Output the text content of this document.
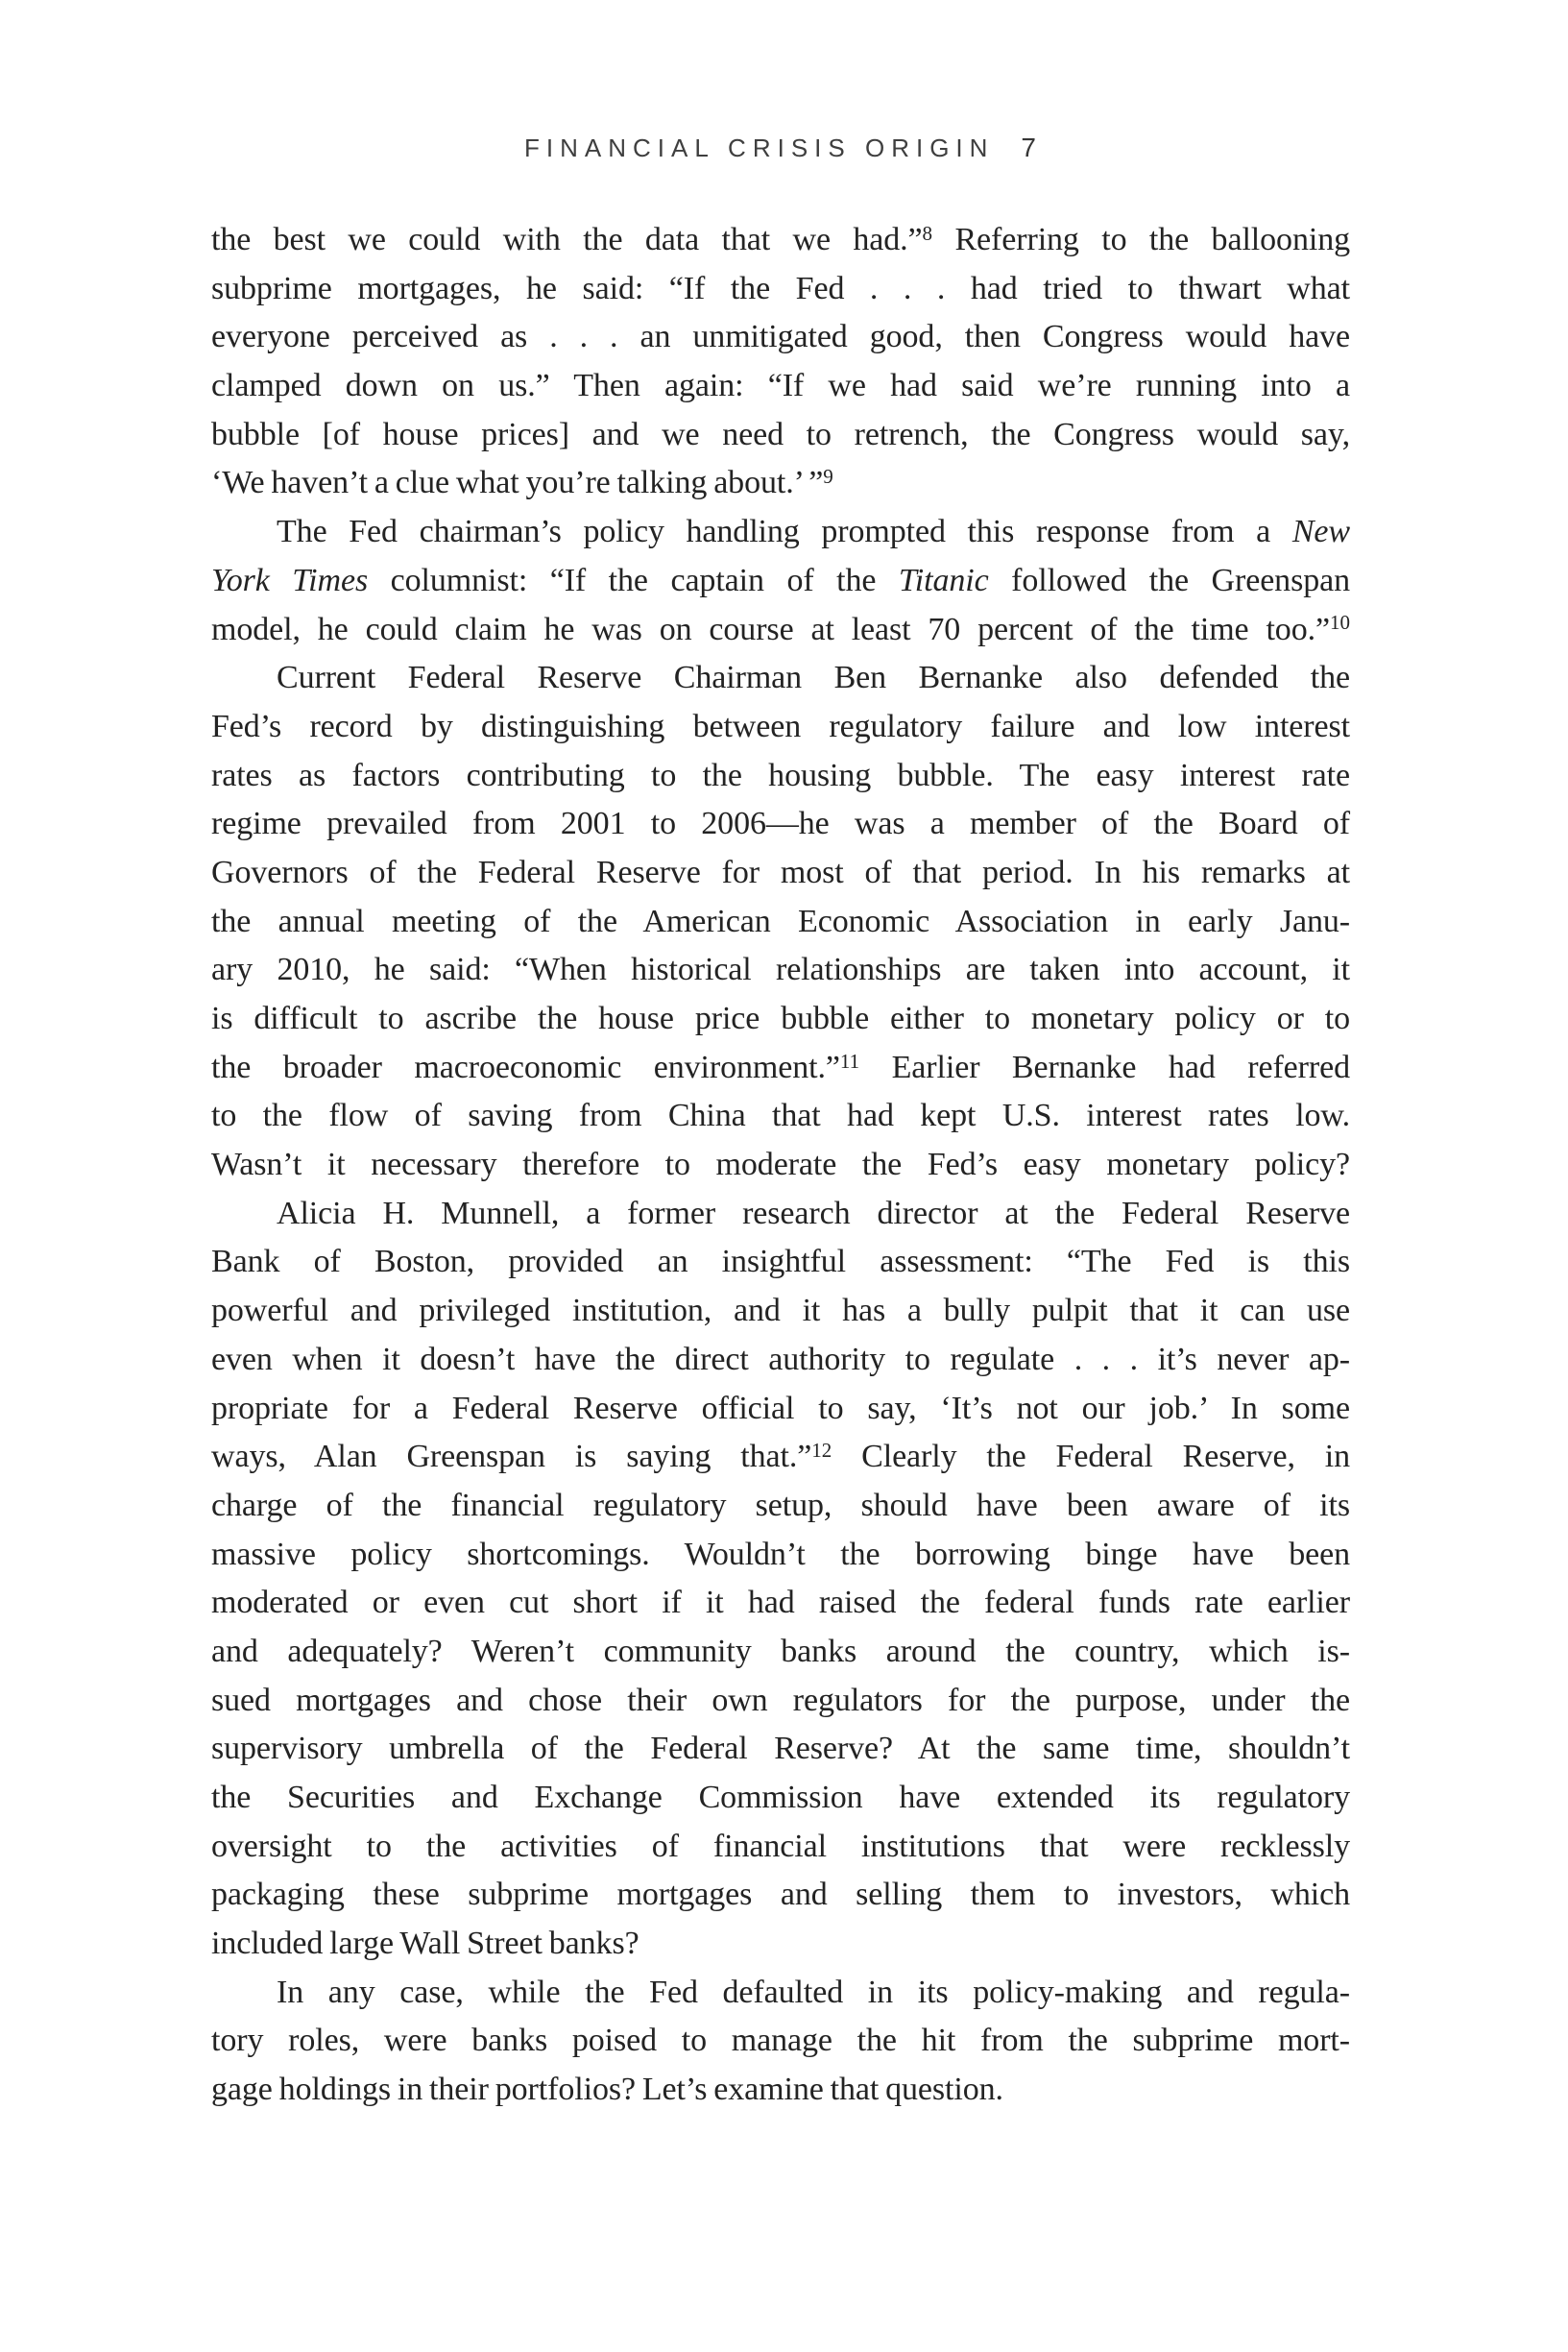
FINANCIAL CRISIS ORIGIN 7
the best we could with the data that we had.”$^8$ Referring to the ballooning
subprime mortgages, he said: “If the Fed . . . had tried to thwart what
everyone perceived as . . . an unmitigated good, then Congress would have
clamped down on us.” Then again: “If we had said we’re running into a
bubble [of house prices] and we need to retrench, the Congress would say,
‘We haven’t a clue what you’re talking about.’ ”$^9$
The Fed chairman’s policy handling prompted this response from a New
York Times columnist: “If the captain of the Titanic followed the Greenspan
model, he could claim he was on course at least 70 percent of the time too.”$^{10}$
Current Federal Reserve Chairman Ben Bernanke also defended the
Fed’s record by distinguishing between regulatory failure and low interest
rates as factors contributing to the housing bubble. The easy interest rate
regime prevailed from 2001 to 2006—he was a member of the Board of
Governors of the Federal Reserve for most of that period. In his remarks at
the annual meeting of the American Economic Association in early Janu-
ary 2010, he said: “When historical relationships are taken into account, it
is difficult to ascribe the house price bubble either to monetary policy or to
the broader macroeconomic environment.”$^{11}$ Earlier Bernanke had referred
to the flow of saving from China that had kept U.S. interest rates low.
Wasn’t it necessary therefore to moderate the Fed’s easy monetary policy?
Alicia H. Munnell, a former research director at the Federal Reserve
Bank of Boston, provided an insightful assessment: “The Fed is this
powerful and privileged institution, and it has a bully pulpit that it can use
even when it doesn’t have the direct authority to regulate . . . it’s never ap-
propriate for a Federal Reserve official to say, ‘It’s not our job.’ In some
ways, Alan Greenspan is saying that.”$^{12}$ Clearly the Federal Reserve, in
charge of the financial regulatory setup, should have been aware of its
massive policy shortcomings. Wouldn’t the borrowing binge have been
moderated or even cut short if it had raised the federal funds rate earlier
and adequately? Weren’t community banks around the country, which is-
sued mortgages and chose their own regulators for the purpose, under the
supervisory umbrella of the Federal Reserve? At the same time, shouldn’t
the Securities and Exchange Commission have extended its regulatory
oversight to the activities of financial institutions that were recklessly
packaging these subprime mortgages and selling them to investors, which
included large Wall Street banks?
In any case, while the Fed defaulted in its policy-making and regula-
tory roles, were banks poised to manage the hit from the subprime mort-
gage holdings in their portfolios? Let’s examine that question.
